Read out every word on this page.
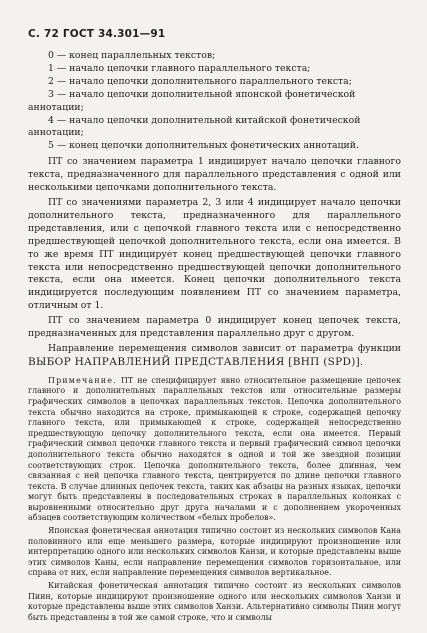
С. 72 ГОСТ 34.301—91

0 — конец параллельных текстов;

1 — начало цепочки главного параллельного текста;

2 — начало цепочки дополнительного параллельного текста;

3 — начало цепочки дополнительной японской фонетической

аннотации;

4 — начало цепочки дополнительной китайской фонетической

аннотации;

5 — конец цепочки дополнительных фонетических аннотаций.

ПТ со значением параметра 1 индицирует начало цепочки главного текста, предназначенного для параллельного представления с одной или несколькими цепочками дополнительного текста.

ПТ со значениями параметра 2, 3 или 4 индицирует начало цепочки дополнительного текста, предназначенного для параллельного представления, или с цепочкой главного текста или с непосредственно предшествующей цепочкой дополнительного текста, если она имеется. В то же время ПТ индицирует конец предшествующей цепочки главного текста или непосредственно предшествующей цепочки дополнительного текста, если она имеется. Конец цепочки дополнительного текста индицируется последующим появлением ПТ со значением параметра, отличным от 1.

ПТ со значением параметра 0 индицирует конец цепочек текста, предназначенных для представления параллельно друг с другом.

Направление перемещения символов зависит от параметра функции ВЫБОР НАПРАВЛЕНИЙ ПРЕДСТАВЛЕНИЯ [ВНП (SPD)].

Примечание. ПТ не специфицирует явно относительное размещение цепочек главного и дополнительных параллельных текстов или относительные размеры графических символов в цепочках параллельных текстов. Цепочка дополнительного текста обычно находится на строке, примыкающей к строке, содержащей цепочку главного текста, или примыкающей к строке, содержащей непосредственно предшествующую цепочку дополнительного текста, если она имеется. Первый графический символ цепочки главного текста и первый графический символ цепочки дополнительного текста обычно находятся в одной и той же звездной позиции соответствующих строк. Цепочка дополнительного текста, более длинная, чем связанная с ней цепочка главного текста, центрируется по длине цепочки главного текста. В случае длинных цепочек текста, таких как абзацы на разных языках, цепочки могут быть представлены в последовательных строках в параллельных колонках с выровненными относительно друг друга началами и с дополнением укороченных абзацев соответствующим количеством «белых пробелов».

Японская фонетическая аннотация типично состоит из нескольких символов Кана половинного или еще меньшего размера, которые индицируют произношение или интерпретацию одного или нескольких символов Канзи, и которые представлены выше этих символов Каны, если направление перемещения символов горизонтальное, или справа от них, если направление перемещения символов вертикальное.

Китайская фонетическая аннотация типично состоит из нескольких символов Пиин, которые индицируют произношение одного или нескольких символов Ханзи и которые представлены выше этих символов Ханзи. Альтернативно символы Пиин могут быть представлены в той же самой строке, что и символы
